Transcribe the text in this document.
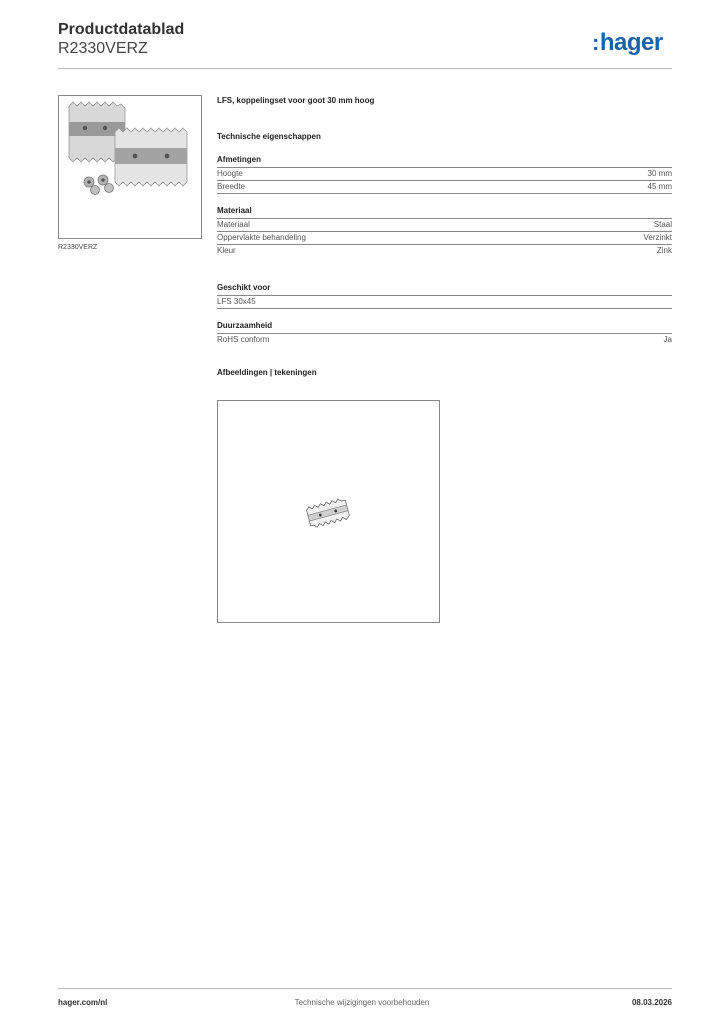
Productdatablad
R2330VERZ	:hager
R2330VERZ
LFS, koppelingset voor goot 30 mm hoog
Technische eigenschappen
Afmetingen
Hoogte	30 mm
Breedte	45 mm
Materiaal
Materiaal	Staal
Oppervlakte behandeling	Verzinkt
Kleur	Zink
Geschikt voor
LFS 30x45
Duurzaamheid
RoHS conform	Ja
Afbeeldingen | tekeningen
hager.com/nl	Technische wijzigingen voorbehouden	08.03.2026
